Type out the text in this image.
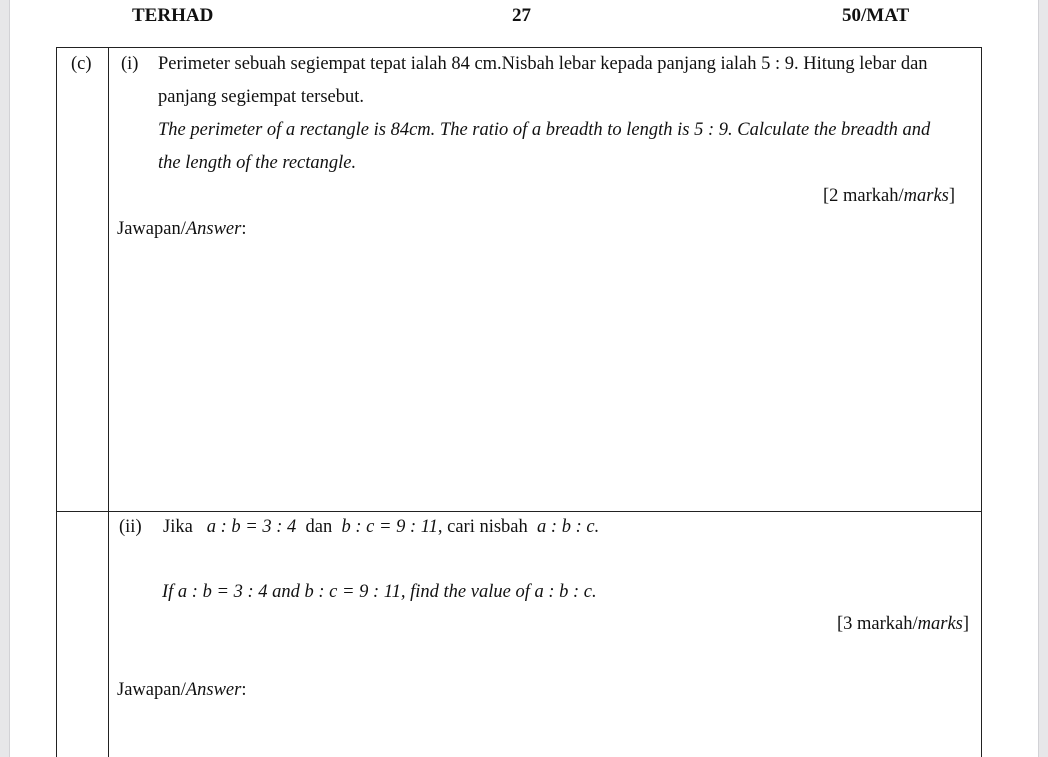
TERHAD	27	50/MAT
(c) (i) Perimeter sebuah segiempat tepat ialah 84 cm.Nisbah lebar kepada panjang ialah 5 : 9. Hitung lebar dan
panjang segiempat tersebut.
The perimeter of a rectangle is 84cm. The ratio of a breadth to length is 5 : 9. Calculate the breadth and
the length of the rectangle.
[2 markah/marks]
Jawapan/Answer:
(ii) Jika a : b = 3 : 4 dan b : c = 9 : 11, cari nisbah a : b : c.
If a : b = 3 : 4 and b : c = 9 : 11, find the value of a : b : c.
[3 markah/marks]
Jawapan/Answer:
